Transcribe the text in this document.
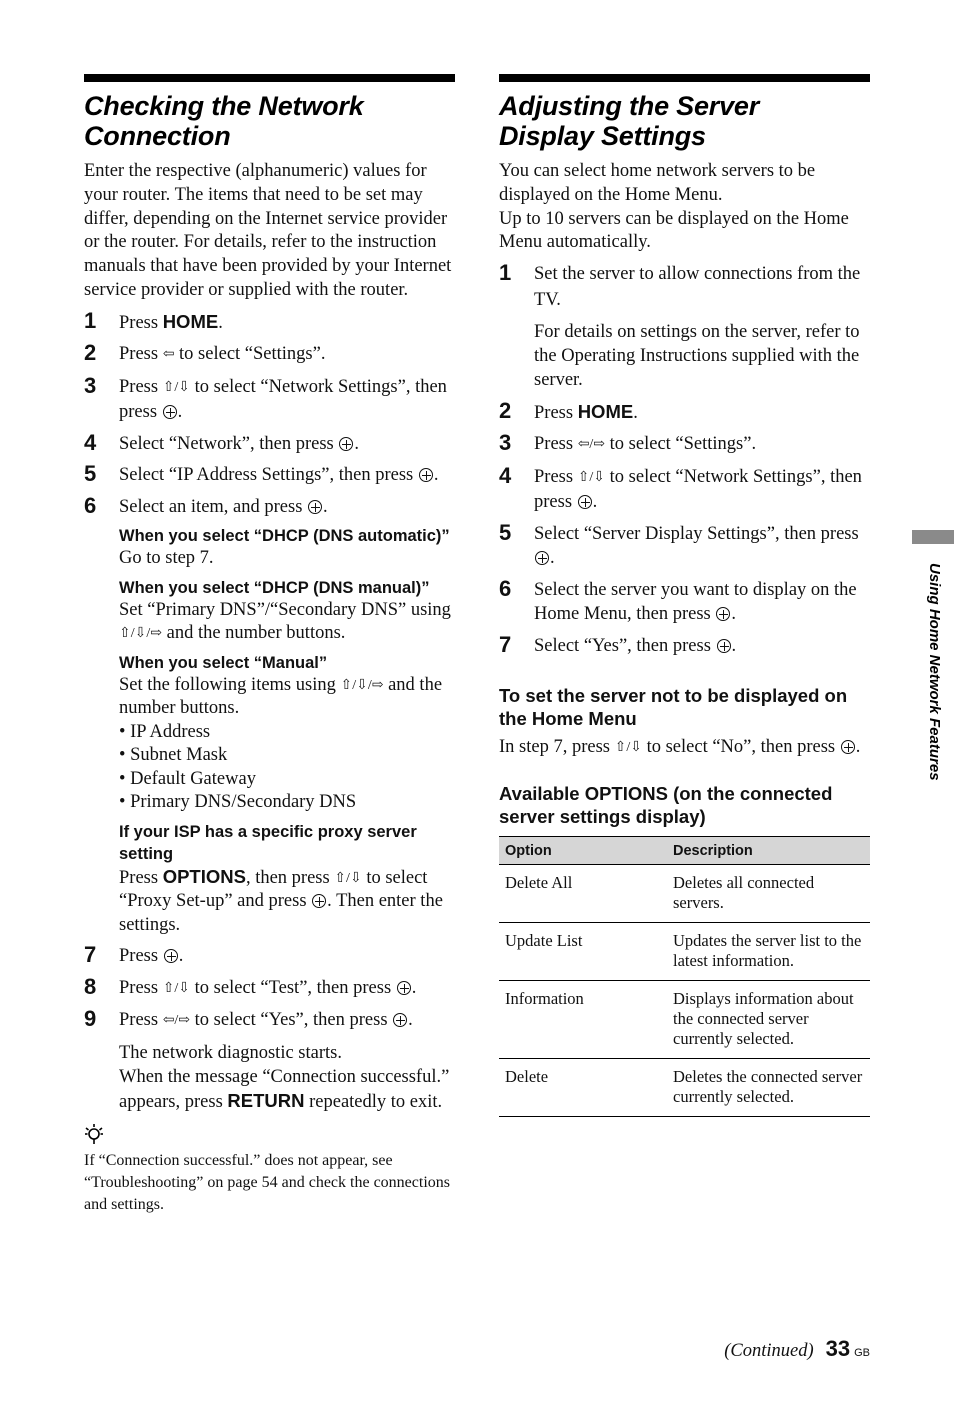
Checking the Network
Connection

Enter the respective (alphanumeric) values for your router. The items that need to be set may differ, depending on the Internet service provider or the router. For details, refer to the instruction manuals that have been provided by your Internet service provider or supplied with the router.

1 Press HOME.
2 Press ⇦ to select “Settings”.
3 Press ⇧/⇩ to select “Network Settings”, then press .
4 Select “Network”, then press .
5 Select “IP Address Settings”, then press .
6 Select an item, and press .
When you select “DHCP (DNS automatic)”
Go to step 7.
When you select “DHCP (DNS manual)”
Set “Primary DNS”/“Secondary DNS” using ⇧/⇩/⇨ and the number buttons.
When you select “Manual”
Set the following items using ⇧/⇩/⇨ and the number buttons.
• IP Address
• Subnet Mask
• Default Gateway
• Primary DNS/Secondary DNS
If your ISP has a specific proxy server setting
Press OPTIONS, then press ⇧/⇩ to select “Proxy Set-up” and press . Then enter the settings.
7 Press .
8 Press ⇧/⇩ to select “Test”, then press .
9 Press ⇦/⇨ to select “Yes”, then press .
The network diagnostic starts.
When the message “Connection successful.” appears, press RETURN repeatedly to exit.

If “Connection successful.” does not appear, see “Troubleshooting” on page 54 and check the connections and settings.

Adjusting the Server
Display Settings

You can select home network servers to be displayed on the Home Menu.

Up to 10 servers can be displayed on the Home Menu automatically.

1 Set the server to allow connections from the TV.
For details on settings on the server, refer to the Operating Instructions supplied with the server.
2 Press HOME.
3 Press ⇦/⇨ to select “Settings”.
4 Press ⇧/⇩ to select “Network Settings”, then press .
5 Select “Server Display Settings”, then press .
6 Select the server you want to display on the Home Menu, then press .
7 Select “Yes”, then press .
To set the server not to be displayed on the Home Menu

In step 7, press ⇧/⇩ to select “No”, then press .

Available OPTIONS (on the connected server settings display)
Option	Description
Delete All	Deletes all connected servers.
Update List	Updates the server list to the latest information.
Information	Displays information about the connected server currently selected.
Delete	Deletes the connected server currently selected.
Using Home Network Features
(Continued) 33 GB
